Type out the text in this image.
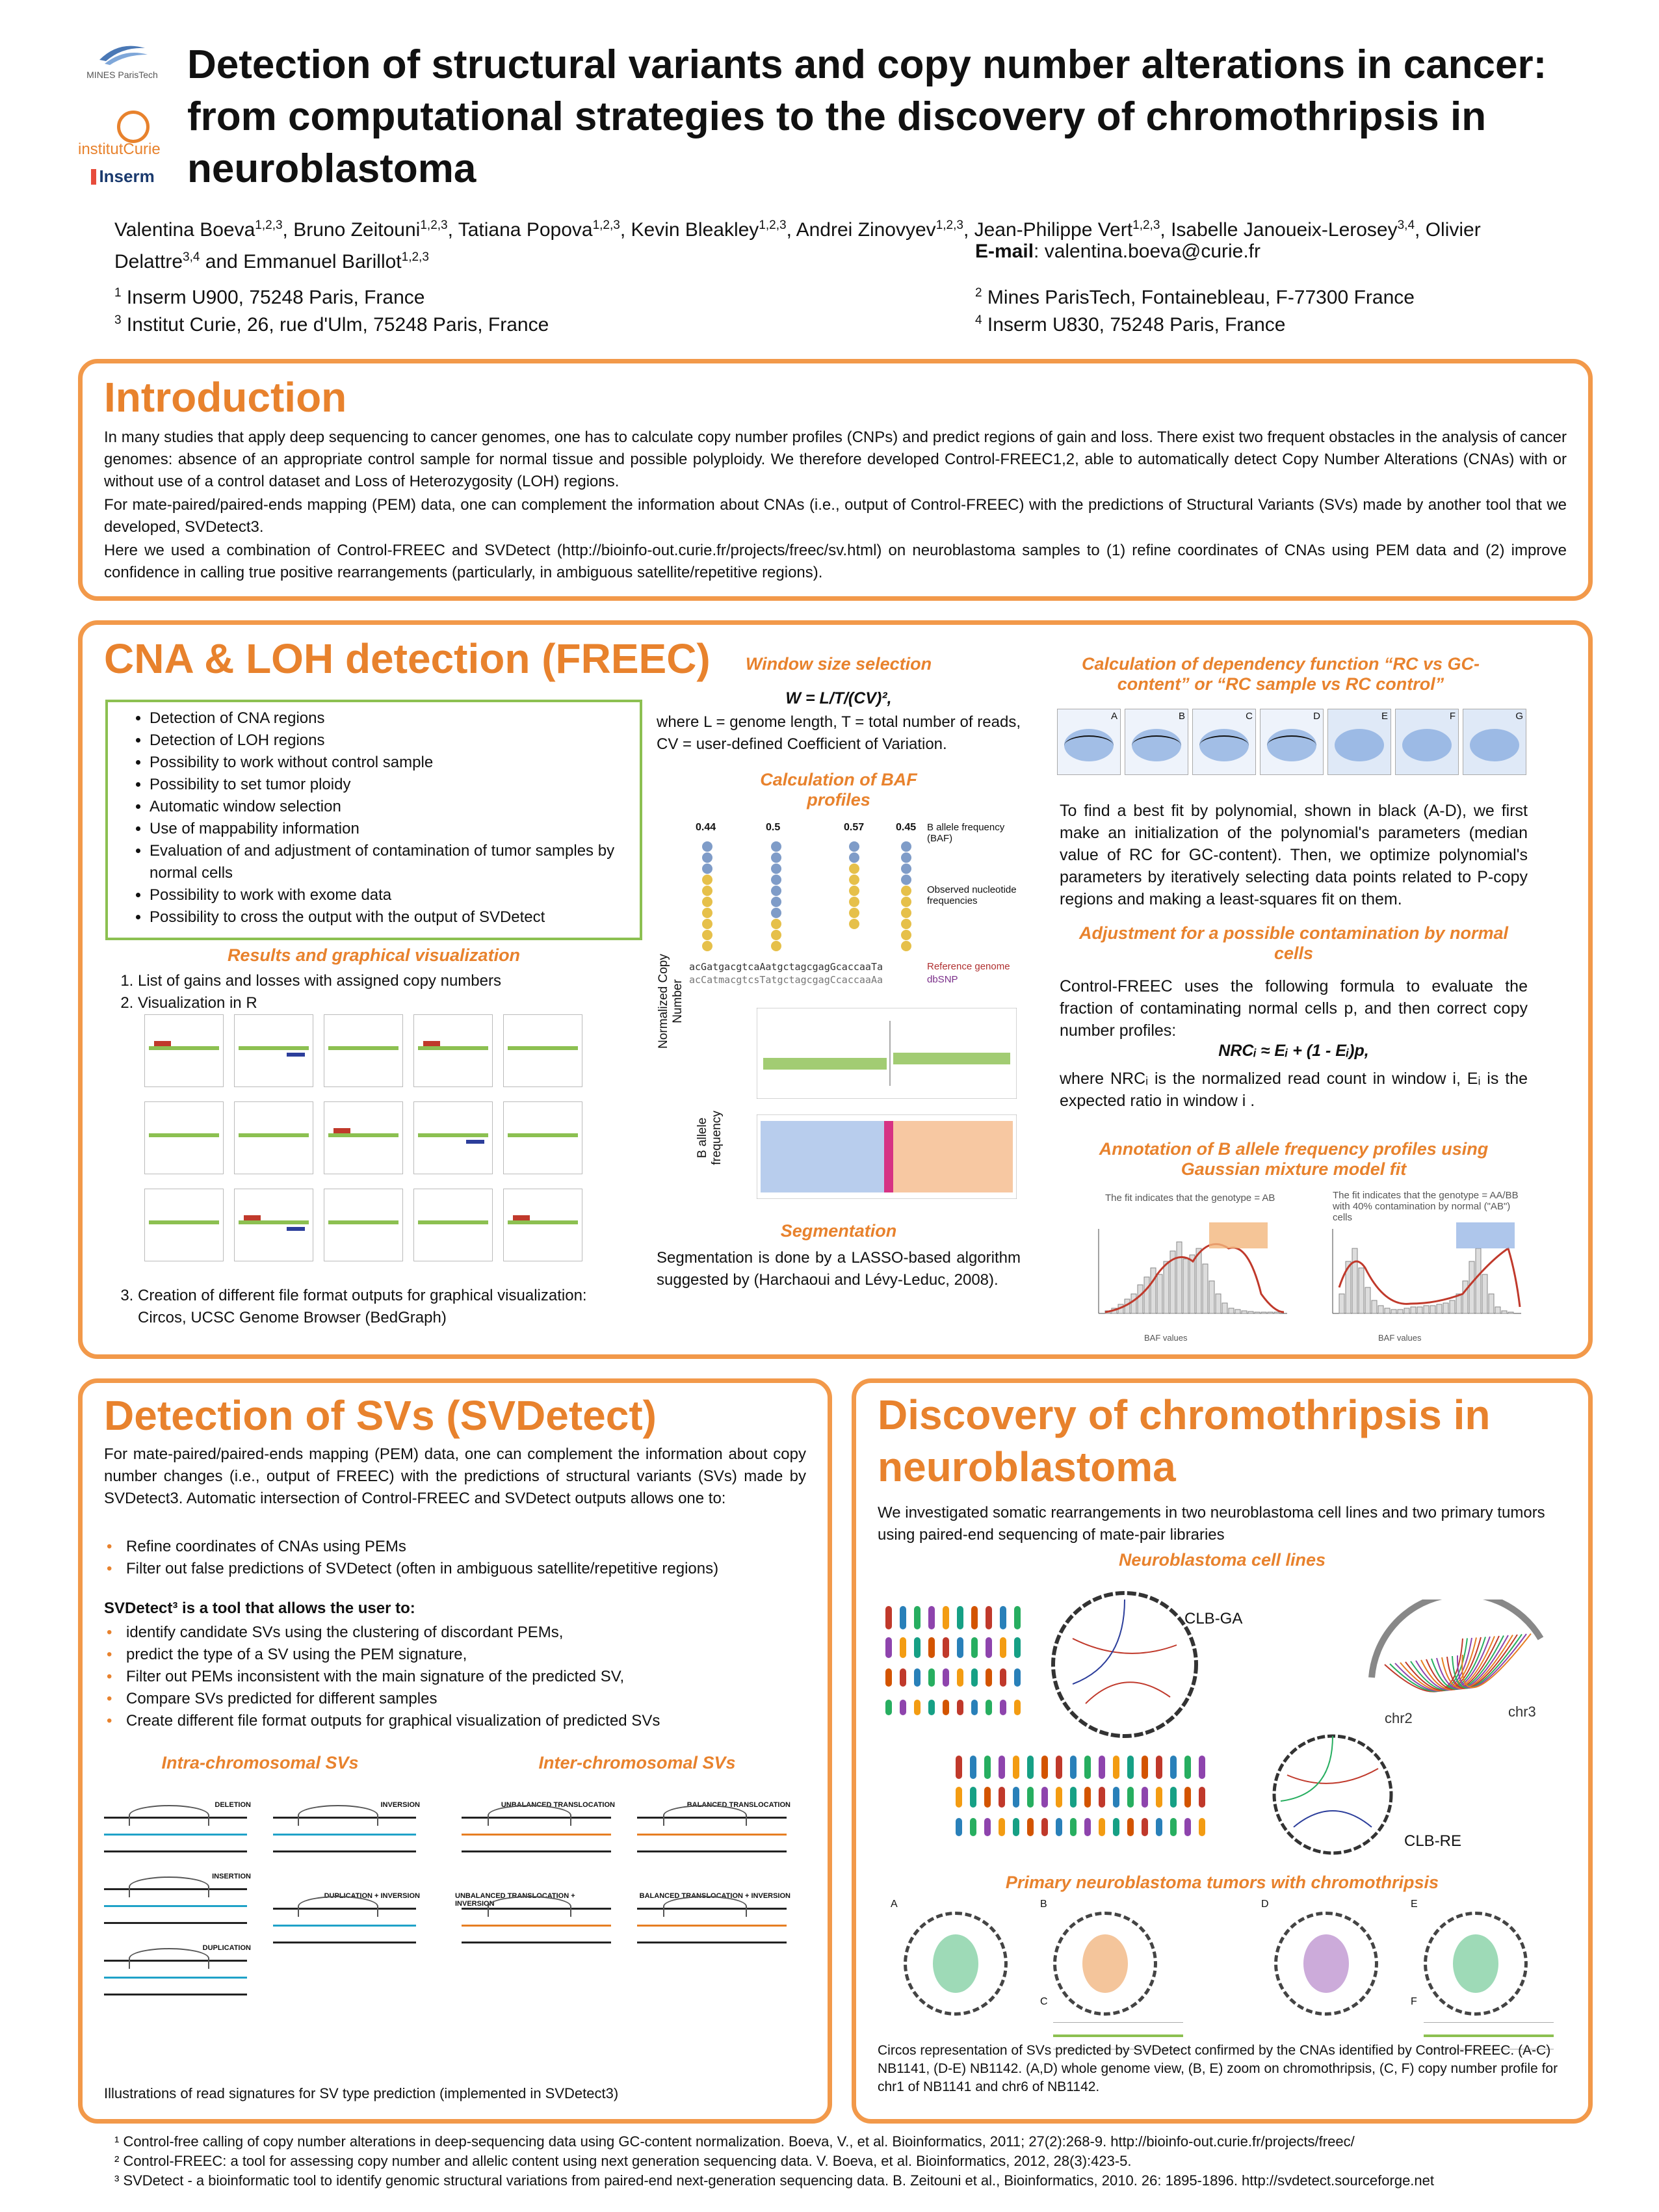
MINES ParisTech
institutCurie
Inserm
Detection of structural variants and copy number alterations in cancer: from computational strategies to the discovery of chromothripsis in neuroblastoma
Valentina Boeva$^{1,2,3}$, Bruno Zeitouni$^{1,2,3}$, Tatiana Popova$^{1,2,3}$, Kevin Bleakley$^{1,2,3}$, Andrei Zinovyev$^{1,2,3}$, Jean-Philippe Vert$^{1,2,3}$, Isabelle Janoueix-Lerosey$^{3,4}$, Olivier Delattre$^{3,4}$ and Emmanuel Barillot$^{1,2,3}$	E-mail: valentina.boeva@curie.fr
$^1$ Inserm U900, 75248 Paris, France
$^3$ Institut Curie, 26, rue d'Ulm, 75248 Paris, France
$^2$ Mines ParisTech, Fontainebleau, F-77300 France
$^4$ Inserm U830, 75248 Paris, France
Introduction
In many studies that apply deep sequencing to cancer genomes, one has to calculate copy number profiles (CNPs) and predict regions of gain and loss. There exist two frequent obstacles in the analysis of cancer genomes: absence of an appropriate control sample for normal tissue and possible polyploidy. We therefore developed Control-FREEC1,2, able to automatically detect Copy Number Alterations (CNAs) with or without use of a control dataset and Loss of Heterozygosity (LOH) regions.
For mate-paired/paired-ends mapping (PEM) data, one can complement the information about CNAs (i.e., output of Control-FREEC) with the predictions of Structural Variants (SVs) made by another tool that we developed, SVDetect3.
Here we used a combination of Control-FREEC and SVDetect (http://bioinfo-out.curie.fr/projects/freec/sv.html) on neuroblastoma samples to (1) refine coordinates of CNAs using PEM data and (2) improve confidence in calling true positive rearrangements (particularly, in ambiguous satellite/repetitive regions).
CNA & LOH detection (FREEC)
• Detection of CNA regions
• Detection of LOH regions
• Possibility to work without control sample
• Possibility to set tumor ploidy
• Automatic window selection
• Use of mappability information
• Evaluation of and adjustment of contamination of tumor samples by normal cells
• Possibility to work with exome data
• Possibility to cross the output with the output of SVDetect
Results and graphical visualization
1. List of gains and losses with assigned copy numbers
2. Visualization in R
3. Creation of different file format outputs for graphical visualization: Circos, UCSC Genome Browser (BedGraph)
Window size selection
W = L/T/(CV)²,
where L = genome length, T = total number of reads, CV = user-defined Coefficient of Variation.
Calculation of BAF profiles
0.44	0.5	0.57	0.45 B allele frequency (BAF)
Observed nucleotide frequencies
acGatgacgtcaAatgctagcgagGcaccaaTa
acCatmacgtcsTatgctagcgagCcaccaaAa
Reference genome
dbSNP
Normalized Copy Number
B allele frequency
Segmentation
Segmentation is done by a LASSO-based algorithm suggested by (Harchaoui and Lévy-Leduc, 2008).
Calculation of dependency function “RC vs GC-content” or “RC sample vs RC control”
A	B	C	D	E	F	G
To find a best fit by polynomial, shown in black (A-D), we first make an initialization of the polynomial's parameters (median value of RC for GC-content). Then, we optimize polynomial's parameters by iteratively selecting data points related to P-copy regions and making a least-squares fit on them.
Adjustment for a possible contamination by normal cells
Control-FREEC uses the following formula to evaluate the fraction of contaminating normal cells p, and then correct copy number profiles:
NRCᵢ ≈ Eᵢ + (1 - Eᵢ)p,
where NRCᵢ is the normalized read count in window i, Eᵢ is the expected ratio in window i .
Annotation of B allele frequency profiles using Gaussian mixture model fit
The fit indicates that the genotype = AB	The fit indicates that the genotype = AA/BB with 40% contamination by normal ("AB") cells
BAF values	BAF values
Detection of SVs (SVDetect)
For mate-paired/paired-ends mapping (PEM) data, one can complement the information about copy number changes (i.e., output of FREEC) with the predictions of structural variants (SVs) made by SVDetect3. Automatic intersection of Control-FREEC and SVDetect outputs allows one to:
• Refine coordinates of CNAs using PEMs
• Filter out false predictions of SVDetect (often in ambiguous satellite/repetitive regions)
SVDetect³ is a tool that allows the user to:
• identify candidate SVs using the clustering of discordant PEMs,
• predict the type of a SV using the PEM signature,
• Filter out PEMs inconsistent with the main signature of the predicted SV,
• Compare SVs predicted for different samples
• Create different file format outputs for graphical visualization of predicted SVs
Intra-chromosomal SVs	Inter-chromosomal SVs
DELETION	INVERSION
INSERTION
DUPLICATION + INVERSION
DUPLICATION
UNBALANCED TRANSLOCATION	BALANCED TRANSLOCATION
UNBALANCED TRANSLOCATION + INVERSION
BALANCED TRANSLOCATION + INVERSION
Illustrations of read signatures for SV type prediction (implemented in SVDetect3)
Discovery of chromothripsis in neuroblastoma
We investigated somatic rearrangements in two neuroblastoma cell lines and two primary tumors using paired-end sequencing of mate-pair libraries
Neuroblastoma cell lines
CLB-GA
chr3
chr2
CLB-RE
Primary neuroblastoma tumors with chromothripsis
A	B
C
D	E
F
Circos representation of SVs predicted by SVDetect confirmed by the CNAs identified by Control-FREEC. (A-C) NB1141, (D-E) NB1142. (A,D) whole genome view, (B, E) zoom on chromothripsis, (C, F) copy number profile for chr1 of NB1141 and chr6 of NB1142.
¹ Control-free calling of copy number alterations in deep-sequencing data using GC-content normalization. Boeva, V., et al. Bioinformatics, 2011; 27(2):268-9. http://bioinfo-out.curie.fr/projects/freec/
² Control-FREEC: a tool for assessing copy number and allelic content using next generation sequencing data. V. Boeva, et al. Bioinformatics, 2012, 28(3):423-5.
³ SVDetect - a bioinformatic tool to identify genomic structural variations from paired-end next-generation sequencing data. B. Zeitouni et al., Bioinformatics, 2010. 26: 1895-1896. http://svdetect.sourceforge.net
